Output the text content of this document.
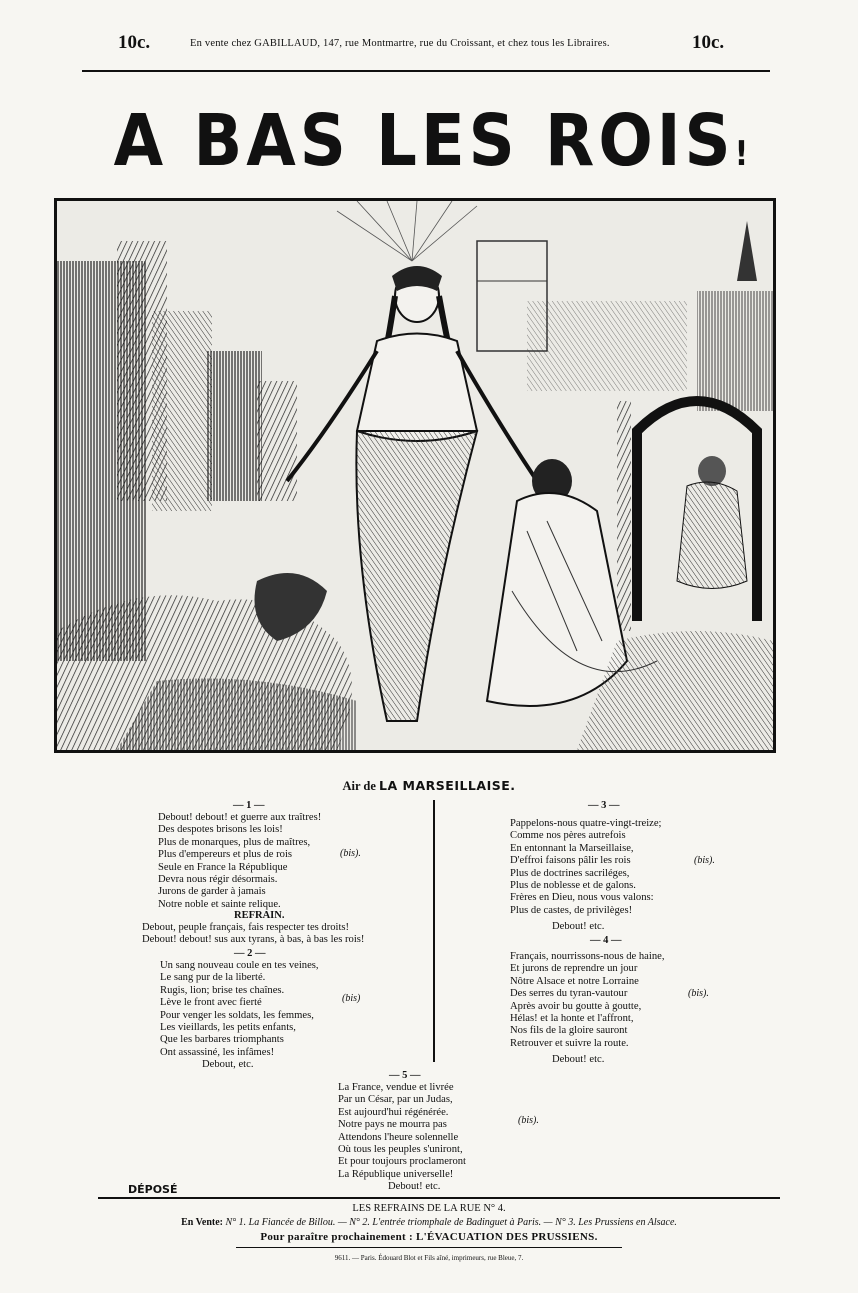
10c.	En vente chez GABILLAUD, 147, rue Montmartre, rue du Croissant, et chez tous les Libraires.	10c.
A BAS LES ROIS!
Air de LA MARSEILLAISE.
— 1 —
Debout! debout! et guerre aux traîtres!
Des despotes brisons les lois!
Plus de monarques, plus de maîtres,
Plus d'empereurs et plus de rois
Seule en France la République
Devra nous régir désormais.
Jurons de garder à jamais
Notre noble et sainte relique.
(bis).
REFRAIN.
Debout, peuple français, fais respecter tes droits!
Debout! debout! sus aux tyrans, à bas, à bas les rois!
— 2 —
Un sang nouveau coule en tes veines,
Le sang pur de la liberté.
Rugis, lion; brise tes chaînes.
Lève le front avec fierté
Pour venger les soldats, les femmes,
Les vieillards, les petits enfants,
Que les barbares triomphants
Ont assassiné, les infâmes!
Debout, etc.
(bis)
— 3 —
Pappelons-nous quatre-vingt-treize;
Comme nos pères autrefois
En entonnant la Marseillaise,
D'effroi faisons pâlir les rois
Plus de doctrines sacriléges,
Plus de noblesse et de galons.
Frères en Dieu, nous vous valons:
Plus de castes, de privilèges!
Debout! etc.
(bis).
— 4 —
Français, nourrissons-nous de haine,
Et jurons de reprendre un jour
Nôtre Alsace et notre Lorraine
Des serres du tyran-vautour
Après avoir bu goutte à goutte,
Hélas! et la honte et l'affront,
Nos fils de la gloire sauront
Retrouver et suivre la route.
Debout! etc.
(bis).
— 5 —
La France, vendue et livrée
Par un César, par un Judas,
Est aujourd'hui régénérée.
Notre pays ne mourra pas
Attendons l'heure solennelle
Où tous les peuples s'uniront,
Et pour toujours proclameront
La République universelle!
Debout! etc.
(bis).
DÉPOSÉ
LES REFRAINS DE LA RUE N° 4.
En Vente: N° 1. La Fiancée de Billou. — N° 2. L'entrée triomphale de Badinguet à Paris. — N° 3. Les Prussiens en Alsace.
Pour paraître prochainement : L'ÉVACUATION DES PRUSSIENS.
9611. — Paris. Édouard Blot et Fils aîné, imprimeurs, rue Bleue, 7.
